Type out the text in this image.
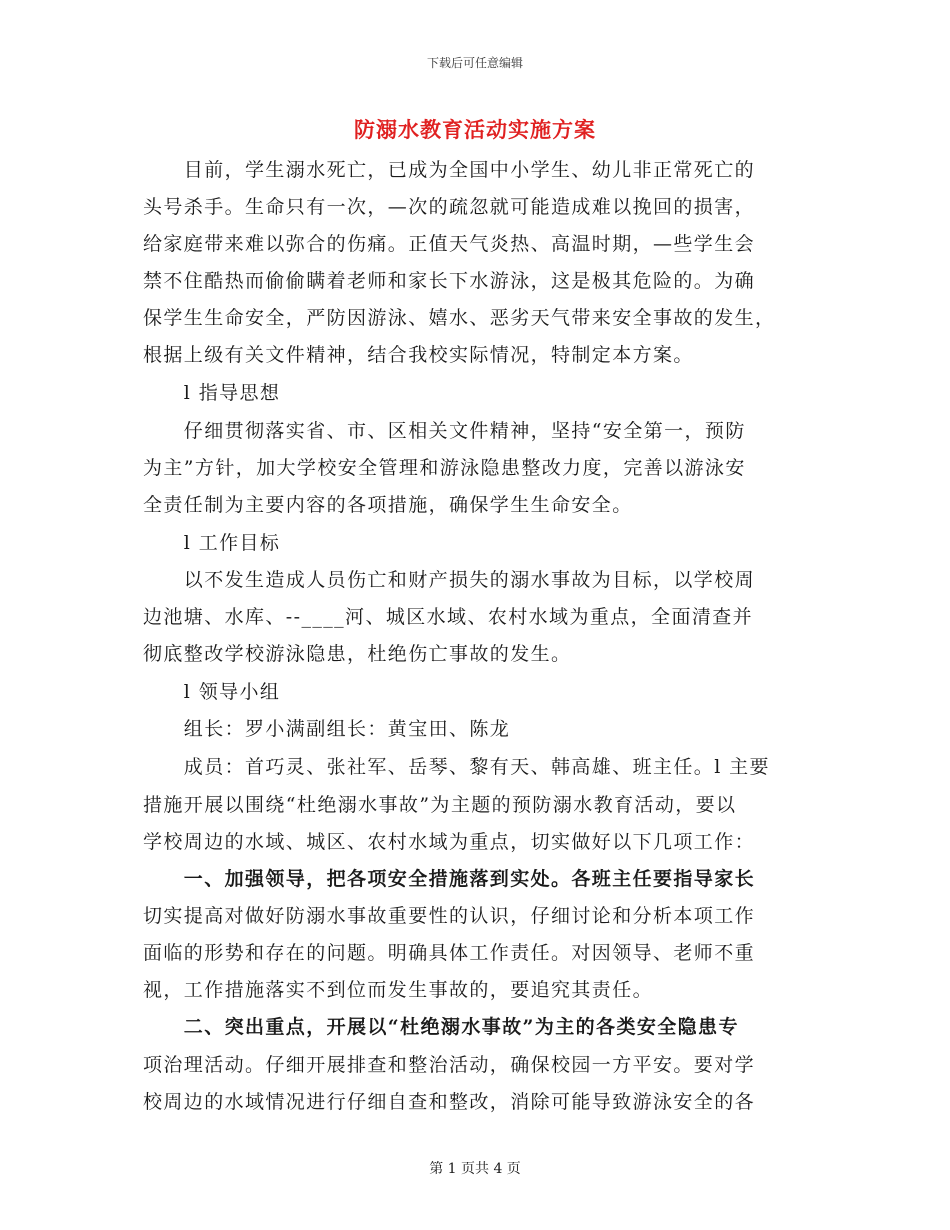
下载后可任意编辑
防溺水教育活动实施方案
　　目前，学生溺水死亡，已成为全国中小学生、幼儿非正常死亡的
头号杀手。生命只有一次，—次的疏忽就可能造成难以挽回的损害，
给家庭带来难以弥合的伤痛。正值天气炎热、高温时期，—些学生会
禁不住酷热而偷偷瞒着老师和家长下水游泳，这是极其危险的。为确
保学生生命安全，严防因游泳、嬉水、恶劣天气带来安全事故的发生，
根据上级有关文件精神，结合我校实际情况，特制定本方案。
　　l 指导思想
　　仔细贯彻落实省、市、区相关文件精神，坚持“安全第一，预防
为主”方针，加大学校安全管理和游泳隐患整改力度，完善以游泳安
全责任制为主要内容的各项措施，确保学生生命安全。
　　l 工作目标
　　以不发生造成人员伤亡和财产损失的溺水事故为目标，以学校周
边池塘、水库、--____河、城区水域、农村水域为重点，全面清查并
彻底整改学校游泳隐患，杜绝伤亡事故的发生。
　　l 领导小组
　　组长：罗小满副组长：黄宝田、陈龙
　　成员：首巧灵、张社军、岳琴、黎有天、韩高雄、班主任。l 主要
措施开展以围绕“杜绝溺水事故”为主题的预防溺水教育活动，要以
学校周边的水域、城区、农村水域为重点，切实做好以下几项工作：
　　一、加强领导，把各项安全措施落到实处。各班主任要指导家长
切实提高对做好防溺水事故重要性的认识，仔细讨论和分析本项工作
面临的形势和存在的问题。明确具体工作责任。对因领导、老师不重
视，工作措施落实不到位而发生事故的，要追究其责任。
　　二、突出重点，开展以“杜绝溺水事故”为主的各类安全隐患专
项治理活动。仔细开展排查和整治活动，确保校园一方平安。要对学
校周边的水域情况进行仔细自查和整改，消除可能导致游泳安全的各
第 1 页共 4 页
